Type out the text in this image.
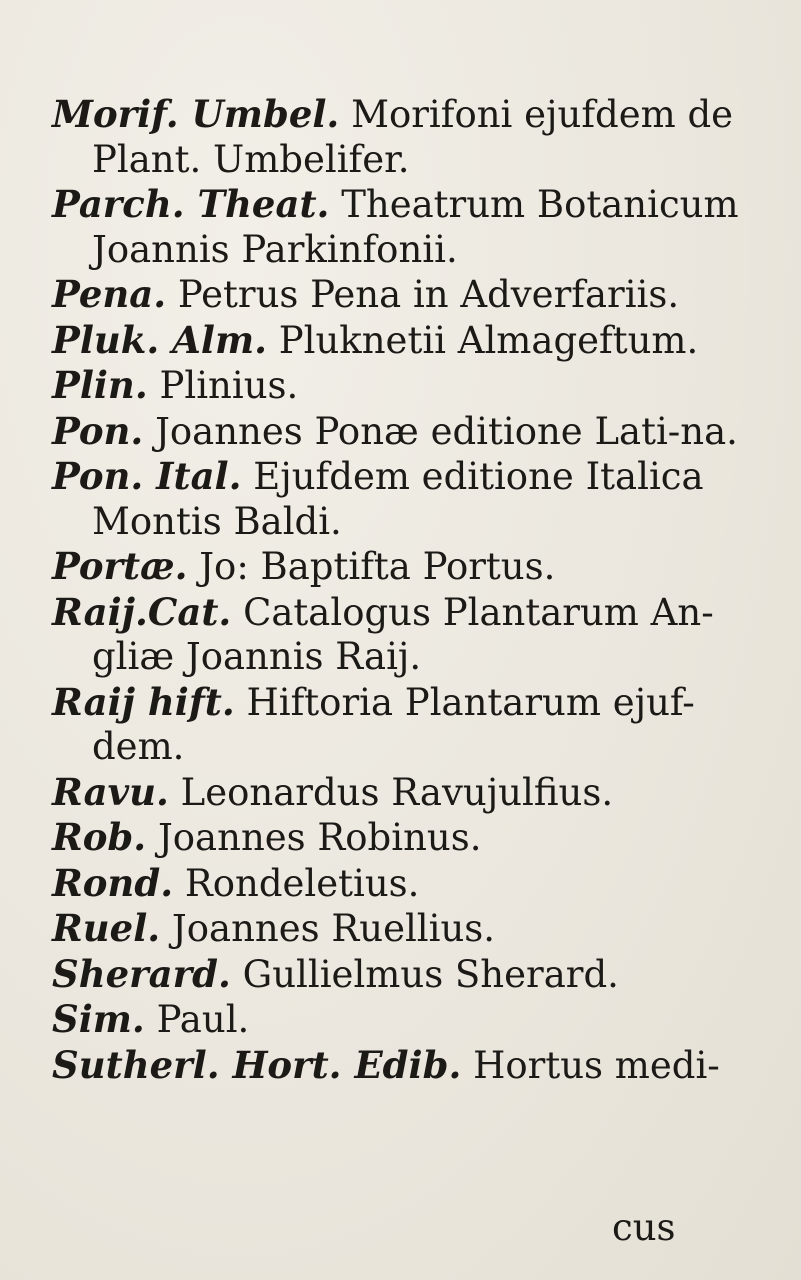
Morif. Umbel. Morifoni ejufdem de Plant. Umbelifer.

Parch. Theat. Theatrum Botanicum Joannis Parkinfonii.

Pena. Petrus Pena in Adverfariis.

Pluk. Alm. Pluknetii Almageftum.

Plin. Plinius.

Pon. Joannes Ponæ editione Lati-na.

Pon. Ital. Ejufdem editione Italica Montis Baldi.

Portæ. Jo: Baptifta Portus.

Raij.Cat. Catalogus Plantarum An-gliæ Joannis Raij.

Raij hift. Hiftoria Plantarum ejuf-dem.

Ravu. Leonardus Ravujulfius.

Rob. Joannes Robinus.

Rond. Rondeletius.

Ruel. Joannes Ruellius.

Sherard. Gullielmus Sherard.

Sim. Paul.

Sutherl. Hort. Edib. Hortus medi-

cus
